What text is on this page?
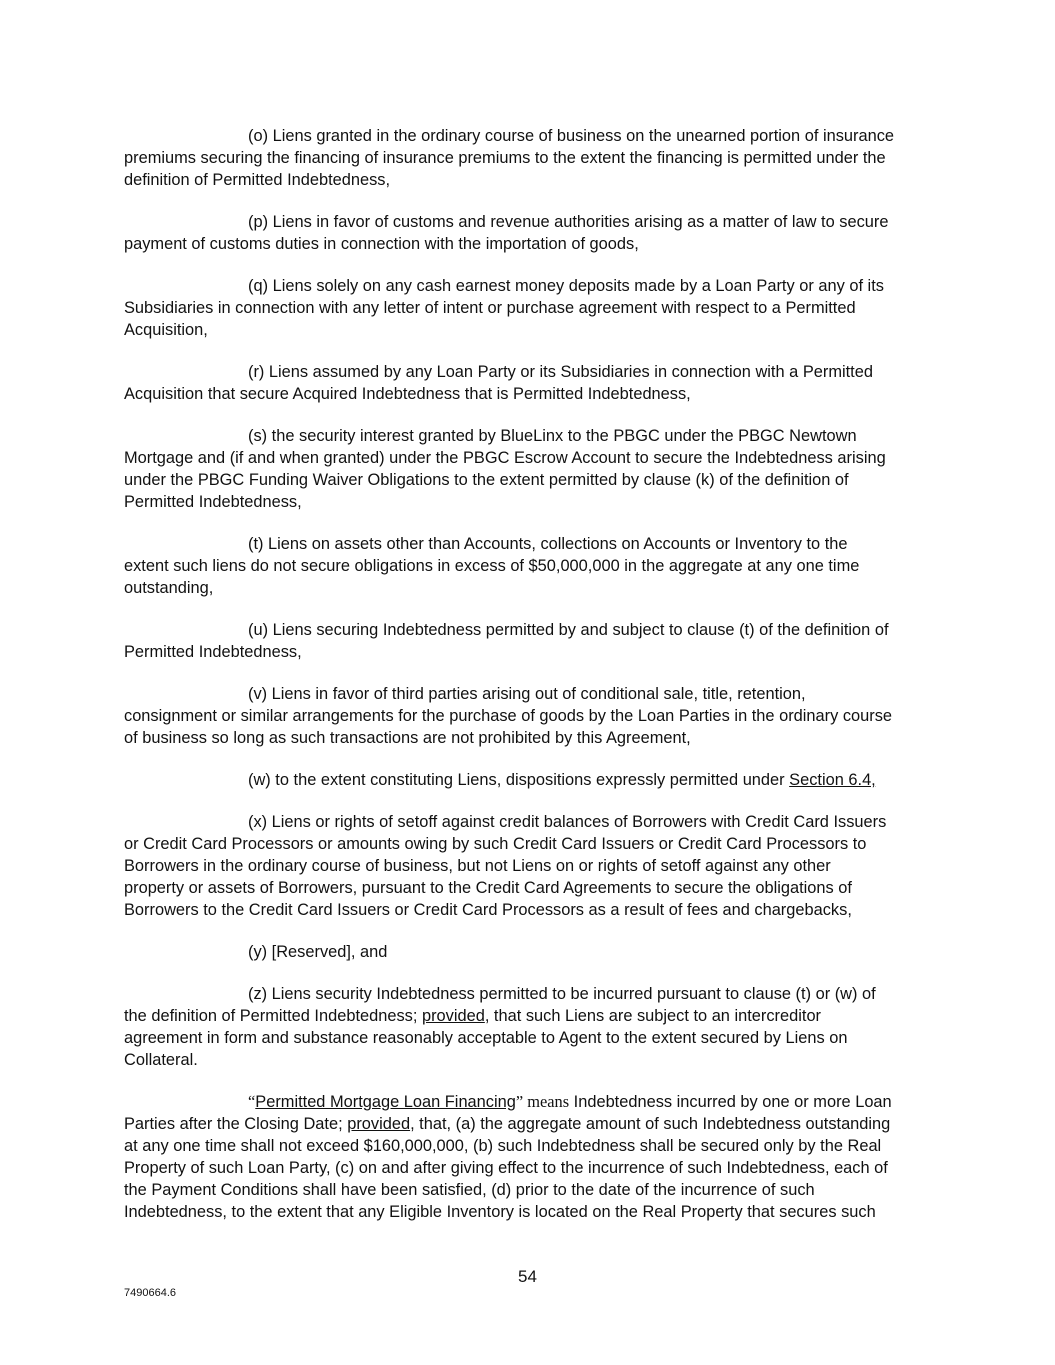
(o) Liens granted in the ordinary course of business on the unearned portion of insurance
premiums securing the financing of insurance premiums to the extent the financing is permitted under the
definition of Permitted Indebtedness,
(p) Liens in favor of customs and revenue authorities arising as a matter of law to secure
payment of customs duties in connection with the importation of goods,
(q) Liens solely on any cash earnest money deposits made by a Loan Party or any of its
Subsidiaries in connection with any letter of intent or purchase agreement with respect to a Permitted
Acquisition,
(r) Liens assumed by any Loan Party or its Subsidiaries in connection with a Permitted
Acquisition that secure Acquired Indebtedness that is Permitted Indebtedness,
(s) the security interest granted by BlueLinx to the PBGC under the PBGC Newtown
Mortgage and (if and when granted) under the PBGC Escrow Account to secure the Indebtedness arising
under the PBGC Funding Waiver Obligations to the extent permitted by clause (k) of the definition of
Permitted Indebtedness,
(t) Liens on assets other than Accounts, collections on Accounts or Inventory to the
extent such liens do not secure obligations in excess of $50,000,000 in the aggregate at any one time
outstanding,
(u) Liens securing Indebtedness permitted by and subject to clause (t) of the definition of
Permitted Indebtedness,
(v) Liens in favor of third parties arising out of conditional sale, title, retention,
consignment or similar arrangements for the purchase of goods by the Loan Parties in the ordinary course
of business so long as such transactions are not prohibited by this Agreement,
(w) to the extent constituting Liens, dispositions expressly permitted under Section 6.4,
(x) Liens or rights of setoff against credit balances of Borrowers with Credit Card Issuers
or Credit Card Processors or amounts owing by such Credit Card Issuers or Credit Card Processors to
Borrowers in the ordinary course of business, but not Liens on or rights of setoff against any other
property or assets of Borrowers, pursuant to the Credit Card Agreements to secure the obligations of
Borrowers to the Credit Card Issuers or Credit Card Processors as a result of fees and chargebacks,
(y) [Reserved], and
(z) Liens security Indebtedness permitted to be incurred pursuant to clause (t) or (w) of
the definition of Permitted Indebtedness; provided, that such Liens are subject to an intercreditor
agreement in form and substance reasonably acceptable to Agent to the extent secured by Liens on
Collateral.
“Permitted Mortgage Loan Financing” means Indebtedness incurred by one or more Loan
Parties after the Closing Date; provided, that, (a) the aggregate amount of such Indebtedness outstanding
at any one time shall not exceed $160,000,000, (b) such Indebtedness shall be secured only by the Real
Property of such Loan Party, (c) on and after giving effect to the incurrence of such Indebtedness, each of
the Payment Conditions shall have been satisfied, (d) prior to the date of the incurrence of such
Indebtedness, to the extent that any Eligible Inventory is located on the Real Property that secures such
54
7490664.6
